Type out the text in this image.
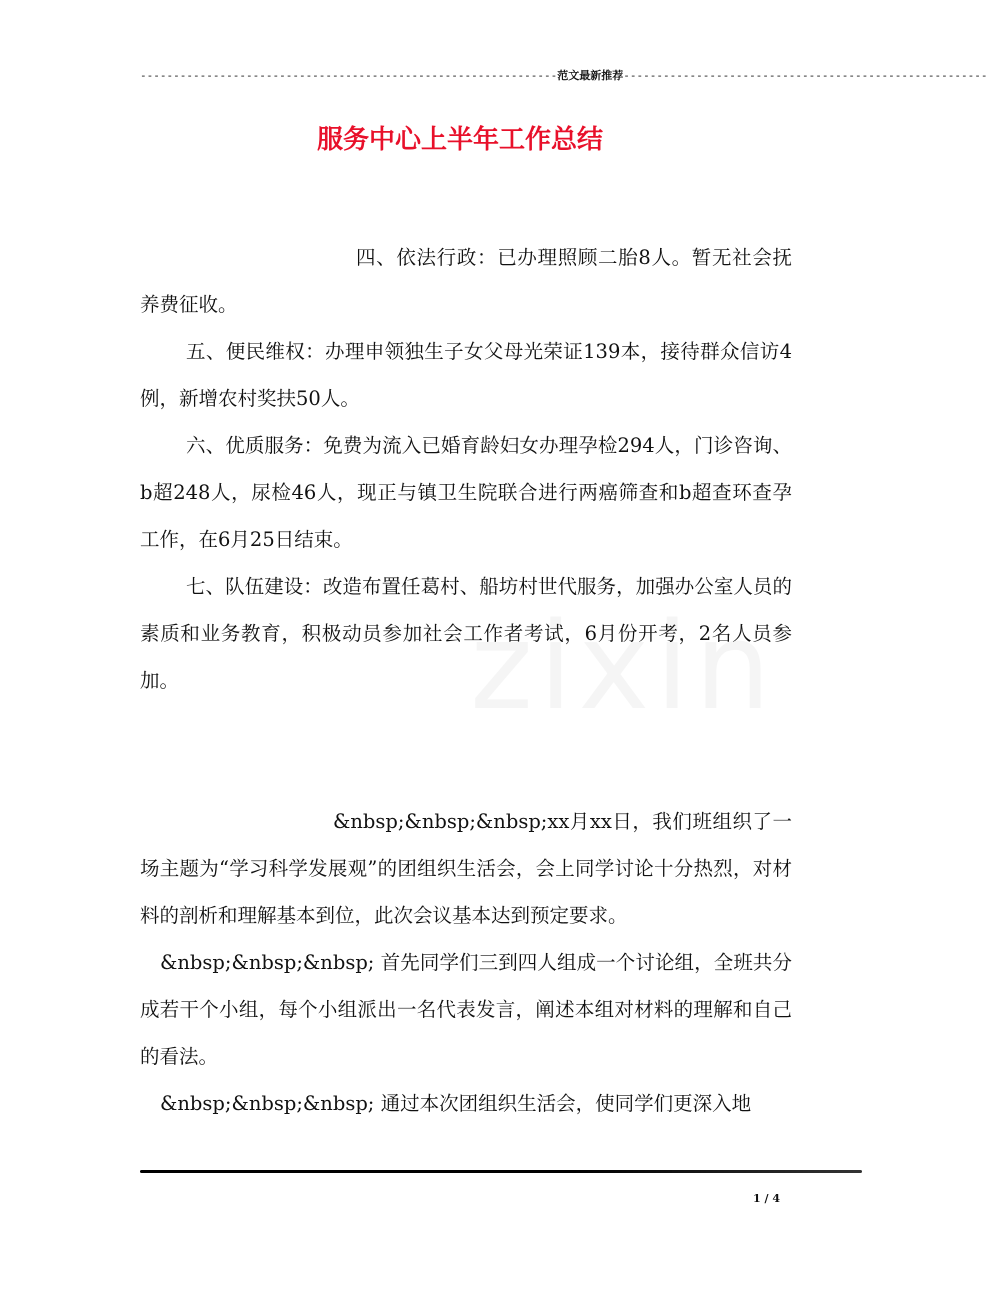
---------------------------------------------------------------范文最新推荐-------------------------------------------------------
服务中心上半年工作总结

四、依法行政：已办理照顾二胎8人。暂无社会抚养费征收。

五、便民维权：办理申领独生子女父母光荣证139本，接待群众信访4例，新增农村奖扶50人。

六、优质服务：免费为流入已婚育龄妇女办理孕检294人，门诊咨询、b超248人，尿检46人，现正与镇卫生院联合进行两癌筛查和b超查环查孕工作，在6月25日结束。

七、队伍建设：改造布置任葛村、船坊村世代服务，加强办公室人员的素质和业务教育，积极动员参加社会工作者考试，6月份开考，2名人员参加。

&nbsp;&nbsp;&nbsp;xx月xx日，我们班组织了一场主题为“学习科学发展观”的团组织生活会，会上同学讨论十分热烈，对材料的剖析和理解基本到位，此次会议基本达到预定要求。

&nbsp;&nbsp;&nbsp; 首先同学们三到四人组成一个讨论组，全班共分成若干个小组，每个小组派出一名代表发言，阐述本组对材料的理解和自己的看法。

&nbsp;&nbsp;&nbsp; 通过本次团组织生活会，使同学们更深入地

1 / 4
